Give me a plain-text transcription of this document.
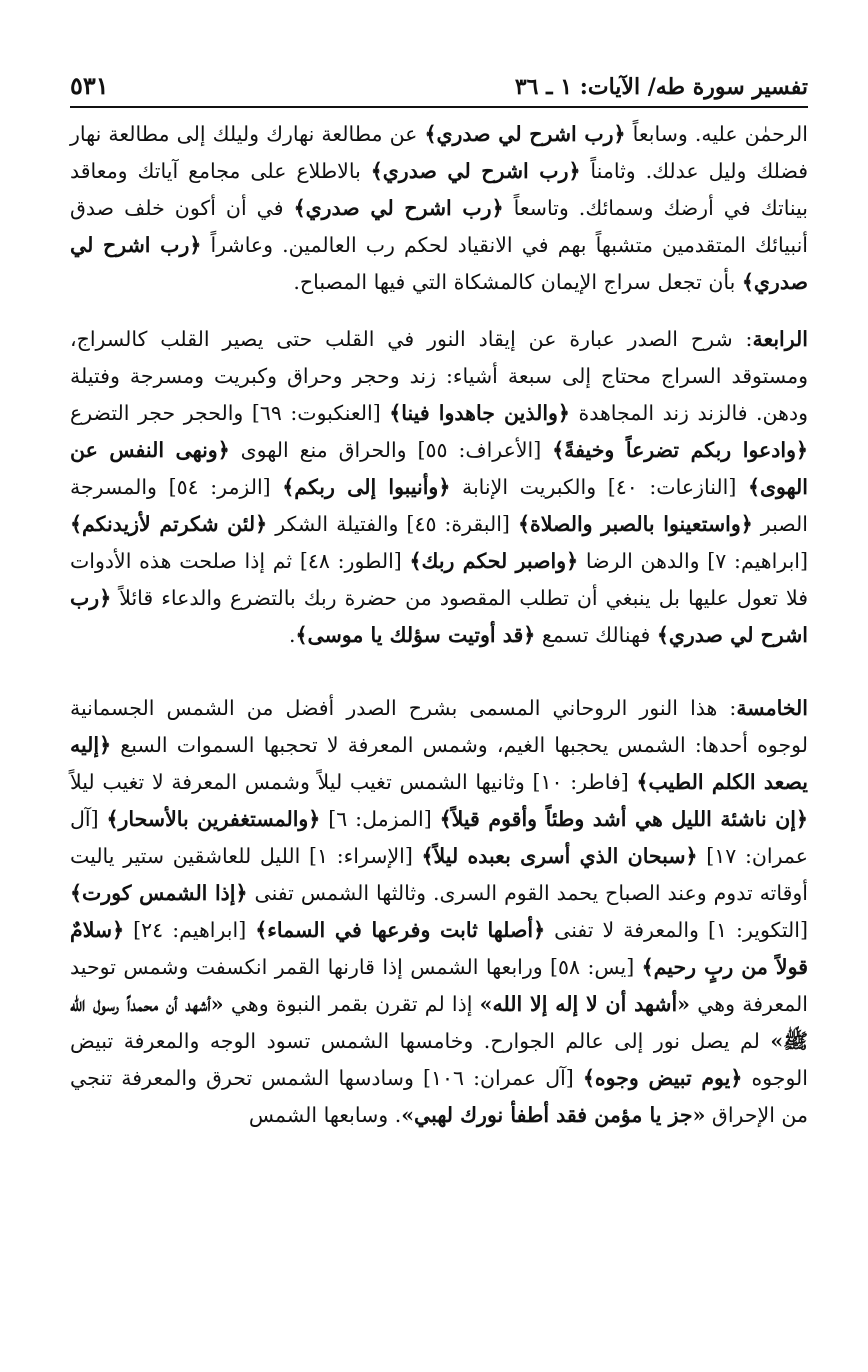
تفسير سورة طه/ الآيات: ١ ـ ٣٦
٥٣١

الرحمٰن عليه. وسابعاً ﴿رب اشرح لي صدري﴾ عن مطالعة نهارك وليلك إلى مطالعة نهار فضلك وليل عدلك. وثامناً ﴿رب اشرح لي صدري﴾ بالاطلاع على مجامع آياتك ومعاقد بيناتك في أرضك وسمائك. وتاسعاً ﴿رب اشرح لي صدري﴾ في أن أكون خلف صدق أنبيائك المتقدمين متشبهاً بهم في الانقياد لحكم رب العالمين. وعاشراً ﴿رب اشرح لي صدري﴾ بأن تجعل سراج الإيمان كالمشكاة التي فيها المصباح.

الرابعة: شرح الصدر عبارة عن إيقاد النور في القلب حتى يصير القلب كالسراج، ومستوقد السراج محتاج إلى سبعة أشياء: زند وحجر وحراق وكبريت ومسرجة وفتيلة ودهن. فالزند زند المجاهدة ﴿والذين جاهدوا فينا﴾ [العنكبوت: ٦٩] والحجر حجر التضرع ﴿وادعوا ربكم تضرعاً وخيفةً﴾ [الأعراف: ٥٥] والحراق منع الهوى ﴿ونهى النفس عن الهوى﴾ [النازعات: ٤٠] والكبريت الإنابة ﴿وأنيبوا إلى ربكم﴾ [الزمر: ٥٤] والمسرجة الصبر ﴿واستعينوا بالصبر والصلاة﴾ [البقرة: ٤٥] والفتيلة الشكر ﴿لئن شكرتم لأزيدنكم﴾ [ابراهيم: ٧] والدهن الرضا ﴿واصبر لحكم ربك﴾ [الطور: ٤٨] ثم إذا صلحت هذه الأدوات فلا تعول عليها بل ينبغي أن تطلب المقصود من حضرة ربك بالتضرع والدعاء قائلاً ﴿رب اشرح لي صدري﴾ فهنالك تسمع ﴿قد أوتيت سؤلك يا موسى﴾.

الخامسة: هذا النور الروحاني المسمى بشرح الصدر أفضل من الشمس الجسمانية لوجوه أحدها: الشمس يحجبها الغيم، وشمس المعرفة لا تحجبها السموات السبع ﴿إليه يصعد الكلم الطيب﴾ [فاطر: ١٠] وثانيها الشمس تغيب ليلاً وشمس المعرفة لا تغيب ليلاً ﴿إن ناشئة الليل هي أشد وطئاً وأقوم قيلاً﴾ [المزمل: ٦] ﴿والمستغفرين بالأسحار﴾ [آل عمران: ١٧] ﴿سبحان الذي أسرى بعبده ليلاً﴾ [الإسراء: ١] الليل للعاشقين ستير ياليت أوقاته تدوم وعند الصباح يحمد القوم السرى. وثالثها الشمس تفنى ﴿إذا الشمس كورت﴾ [التكوير: ١] والمعرفة لا تفنى ﴿أصلها ثابت وفرعها في السماء﴾ [ابراهيم: ٢٤] ﴿سلامٌ قولاً من ربٍ رحيم﴾ [يس: ٥٨] ورابعها الشمس إذا قارنها القمر انكسفت وشمس توحيد المعرفة وهي «أشهد أن لا إله إلا الله» إذا لم تقرن بقمر النبوة وهي «أشهد أن محمداً رسول الله ﷺ» لم يصل نور إلى عالم الجوارح. وخامسها الشمس تسود الوجه والمعرفة تبيض الوجوه ﴿يوم تبيض وجوه﴾ [آل عمران: ١٠٦] وسادسها الشمس تحرق والمعرفة تنجي من الإحراق «جز يا مؤمن فقد أطفأ نورك لهبي». وسابعها الشمس
